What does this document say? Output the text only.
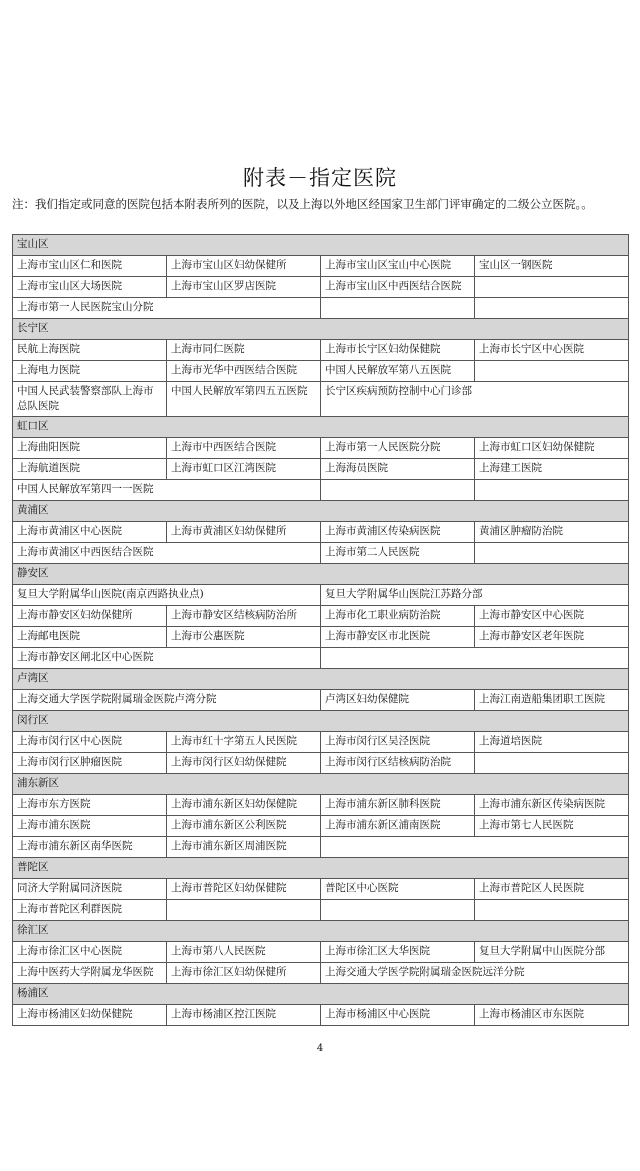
附表－指定医院
注：我们指定或同意的医院包括本附表所列的医院，以及上海以外地区经国家卫生部门评审确定的二级公立医院。。
宝山区			
上海市宝山区仁和医院	上海市宝山区妇幼保健所	上海市宝山区宝山中心医院	宝山区一钢医院
上海市宝山区大场医院	上海市宝山区罗店医院	上海市宝山区中西医结合医院	
上海市第一人民医院宝山分院			
长宁区			
民航上海医院	上海市同仁医院	上海市长宁区妇幼保健院	上海市长宁区中心医院
上海电力医院	上海市光华中西医结合医院	中国人民解放军第八五医院	
中国人民武装警察部队上海市总队医院	中国人民解放军第四五五医院	长宁区疾病预防控制中心门诊部	
虹口区			
上海曲阳医院	上海市中西医结合医院	上海市第一人民医院分院	上海市虹口区妇幼保健院
上海航道医院	上海市虹口区江湾医院	上海海员医院	上海建工医院
中国人民解放军第四一一医院			
黄浦区			
上海市黄浦区中心医院	上海市黄浦区妇幼保健所	上海市黄浦区传染病医院	黄浦区肿瘤防治院
上海市黄浦区中西医结合医院		上海市第二人民医院	
静安区			
复旦大学附属华山医院(南京西路执业点)		复旦大学附属华山医院江苏路分部	
上海市静安区妇幼保健所	上海市静安区结核病防治所	上海市化工职业病防治院	上海市静安区中心医院
上海邮电医院	上海市公惠医院	上海市静安区市北医院	上海市静安区老年医院
上海市静安区闸北区中心医院			
卢湾区			
上海交通大学医学院附属瑞金医院卢湾分院		卢湾区妇幼保健院	上海江南造船集团职工医院
闵行区			
上海市闵行区中心医院	上海市红十字第五人民医院	上海市闵行区吴泾医院	上海道培医院
上海市闵行区肿瘤医院	上海市闵行区妇幼保健院	上海市闵行区结核病防治院	
浦东新区			
上海市东方医院	上海市浦东新区妇幼保健院	上海市浦东新区肺科医院	上海市浦东新区传染病医院
上海市浦东医院	上海市浦东新区公利医院	上海市浦东新区浦南医院	上海市第七人民医院
上海市浦东新区南华医院	上海市浦东新区周浦医院		
普陀区			
同济大学附属同济医院	上海市普陀区妇幼保健院	普陀区中心医院	上海市普陀区人民医院
上海市普陀区利群医院			
徐汇区			
上海市徐汇区中心医院	上海市第八人民医院	上海市徐汇区大华医院	复旦大学附属中山医院分部
上海中医药大学附属龙华医院	上海市徐汇区妇幼保健所	上海交通大学医学院附属瑞金医院远洋分院	
杨浦区			
上海市杨浦区妇幼保健院	上海市杨浦区控江医院	上海市杨浦区中心医院	上海市杨浦区市东医院
4
